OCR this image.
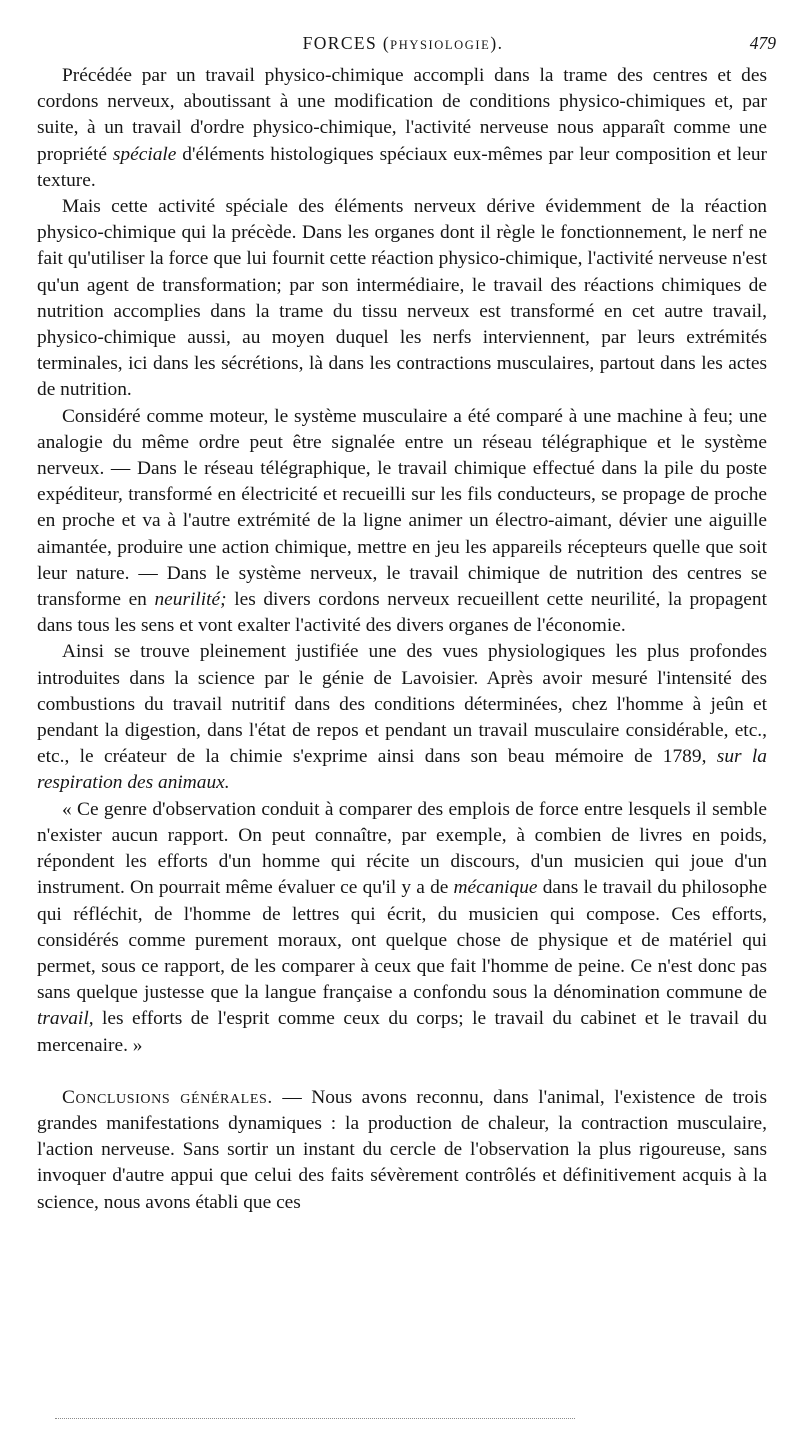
FORCES (PHYSIOLOGIE).	479

Précédée par un travail physico-chimique accompli dans la trame des centres et des cordons nerveux, aboutissant à une modification de conditions physico-chimiques et, par suite, à un travail d'ordre physico-chimique, l'activité nerveuse nous apparaît comme une propriété spéciale d'éléments histologiques spéciaux eux-mêmes par leur composition et leur texture.

Mais cette activité spéciale des éléments nerveux dérive évidemment de la réaction physico-chimique qui la précède. Dans les organes dont il règle le fonctionnement, le nerf ne fait qu'utiliser la force que lui fournit cette réaction physico-chimique, l'activité nerveuse n'est qu'un agent de transformation; par son intermédiaire, le travail des réactions chimiques de nutrition accomplies dans la trame du tissu nerveux est transformé en cet autre travail, physico-chimique aussi, au moyen duquel les nerfs interviennent, par leurs extrémités terminales, ici dans les sécrétions, là dans les contractions musculaires, partout dans les actes de nutrition.

Considéré comme moteur, le système musculaire a été comparé à une machine à feu; une analogie du même ordre peut être signalée entre un réseau télégraphique et le système nerveux. — Dans le réseau télégraphique, le travail chimique effectué dans la pile du poste expéditeur, transformé en électricité et recueilli sur les fils conducteurs, se propage de proche en proche et va à l'autre extrémité de la ligne animer un électro-aimant, dévier une aiguille aimantée, produire une action chimique, mettre en jeu les appareils récepteurs quelle que soit leur nature. — Dans le système nerveux, le travail chimique de nutrition des centres se transforme en neurilité; les divers cordons nerveux recueillent cette neurilité, la propagent dans tous les sens et vont exalter l'activité des divers organes de l'économie.

Ainsi se trouve pleinement justifiée une des vues physiologiques les plus profondes introduites dans la science par le génie de Lavoisier. Après avoir mesuré l'intensité des combustions du travail nutritif dans des conditions déterminées, chez l'homme à jeûn et pendant la digestion, dans l'état de repos et pendant un travail musculaire considérable, etc., etc., le créateur de la chimie s'exprime ainsi dans son beau mémoire de 1789, sur la respiration des animaux.

« Ce genre d'observation conduit à comparer des emplois de force entre lesquels il semble n'exister aucun rapport. On peut connaître, par exemple, à combien de livres en poids, répondent les efforts d'un homme qui récite un discours, d'un musicien qui joue d'un instrument. On pourrait même évaluer ce qu'il y a de mécanique dans le travail du philosophe qui réfléchit, de l'homme de lettres qui écrit, du musicien qui compose. Ces efforts, considérés comme purement moraux, ont quelque chose de physique et de matériel qui permet, sous ce rapport, de les comparer à ceux que fait l'homme de peine. Ce n'est donc pas sans quelque justesse que la langue française a confondu sous la dénomination commune de travail, les efforts de l'esprit comme ceux du corps; le travail du cabinet et le travail du mercenaire. »

Conclusions générales. — Nous avons reconnu, dans l'animal, l'existence de trois grandes manifestations dynamiques : la production de chaleur, la contraction musculaire, l'action nerveuse. Sans sortir un instant du cercle de l'observation la plus rigoureuse, sans invoquer d'autre appui que celui des faits sévèrement contrôlés et définitivement acquis à la science, nous avons établi que ces
